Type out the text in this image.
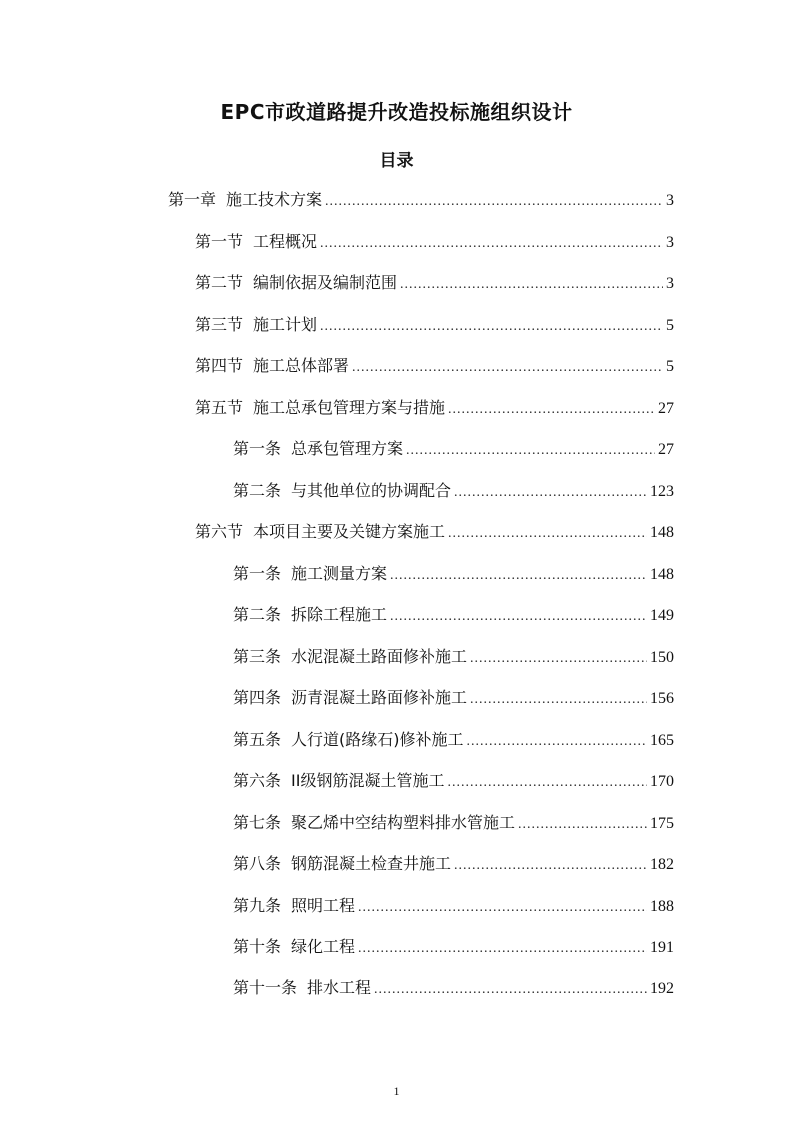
EPC市政道路提升改造投标施组织设计
目录
第一章 施工技术方案 .....	3
第一节 工程概况 .....	3
第二节 编制依据及编制范围 .....	3
第三节 施工计划 .....	5
第四节 施工总体部署 .....	5
第五节 施工总承包管理方案与措施 .....	27
第一条 总承包管理方案 .....	27
第二条 与其他单位的协调配合 .....	123
第六节 本项目主要及关键方案施工 .....	148
第一条 施工测量方案 .....	148
第二条 拆除工程施工 .....	149
第三条 水泥混凝土路面修补施工 .....	150
第四条 沥青混凝土路面修补施工 .....	156
第五条 人行道(路缘石)修补施工 .....	165
第六条 II级钢筋混凝土管施工 .....	170
第七条 聚乙烯中空结构塑料排水管施工 .....	175
第八条 钢筋混凝土检查井施工 .....	182
第九条 照明工程 .....	188
第十条 绿化工程 .....	191
第十一条 排水工程 .....	192
1
